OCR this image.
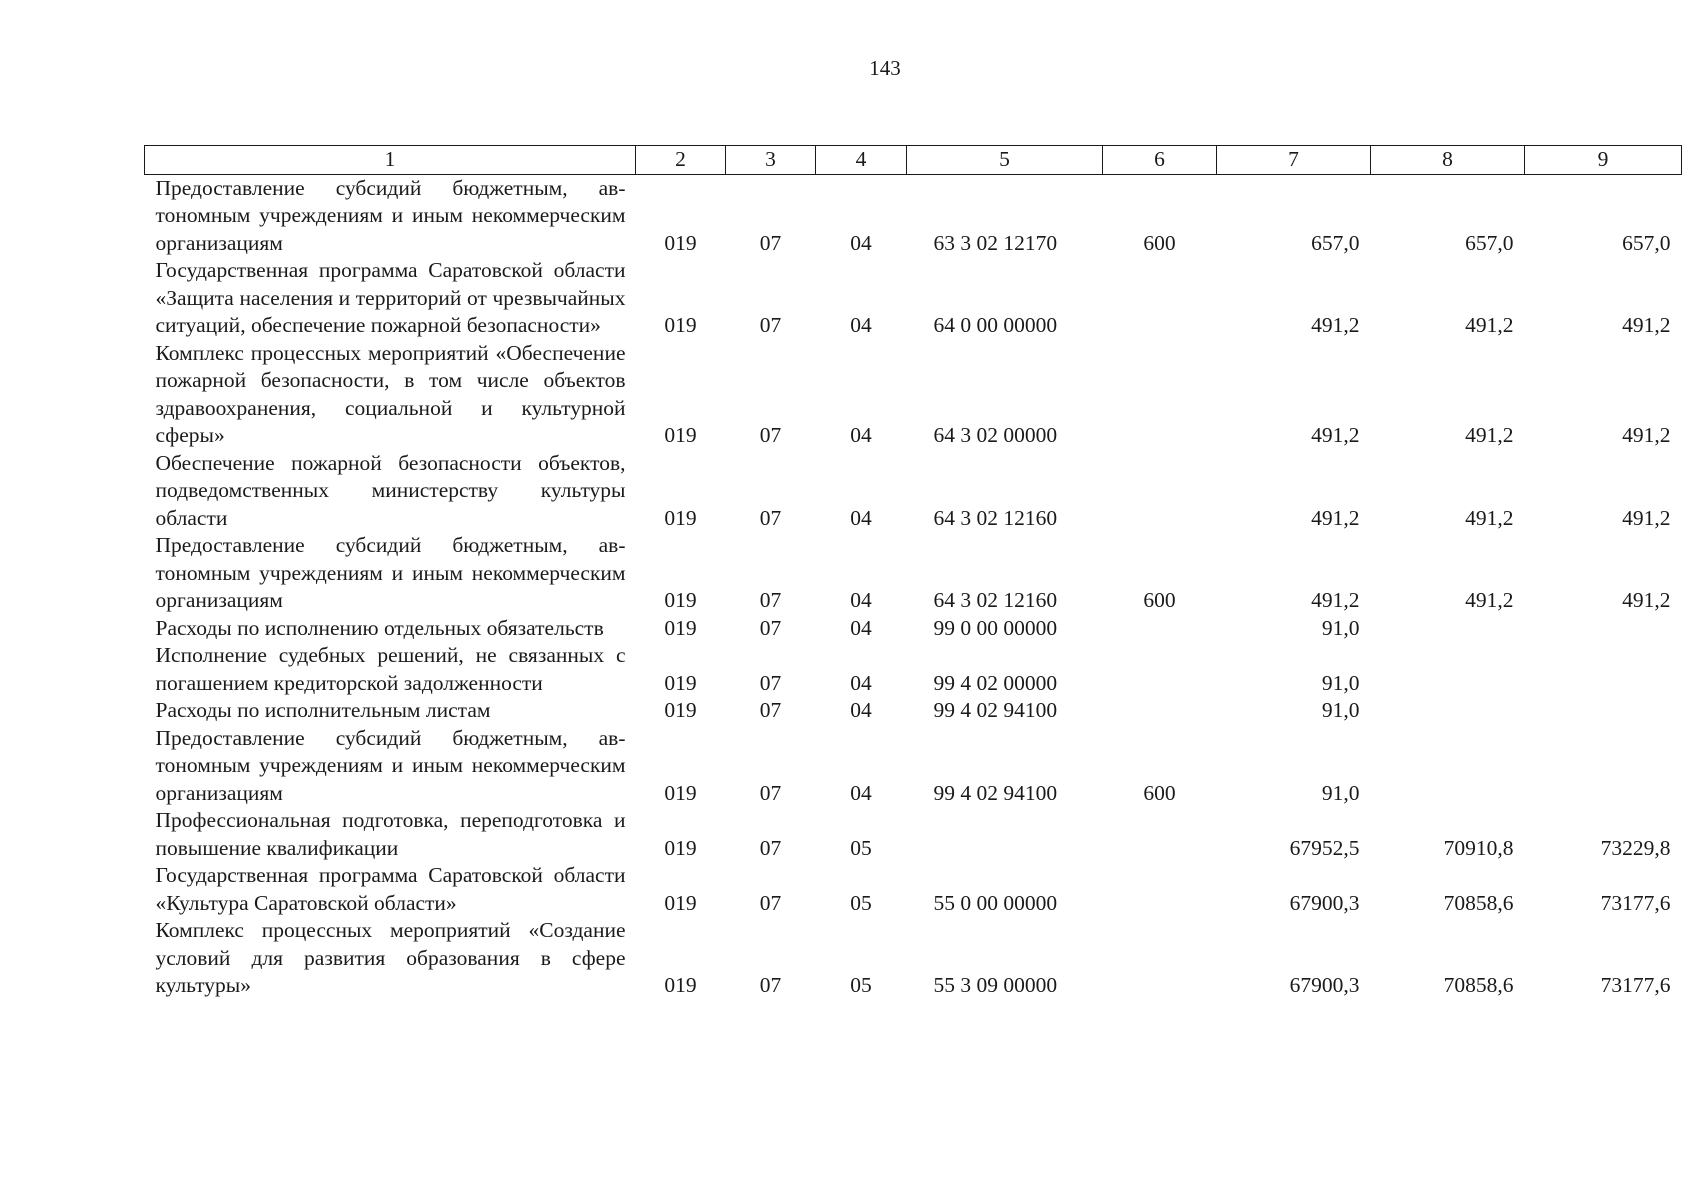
143
1	2	3	4	5	6	7	8	9
Предоставление субсидий бюджетным, автономным учреждениям и иным некоммерческим организациям	019	07	04	63 3 02 12170	600	657,0	657,0	657,0
Государственная программа Саратовской области «Защита населения и территорий от чрезвычайных ситуаций, обеспечение пожарной безопасности»	019	07	04	64 0 00 00000		491,2	491,2	491,2
Комплекс процессных мероприятий «Обеспечение пожарной безопасности, в том числе объектов здравоохранения, социальной и культурной сферы»	019	07	04	64 3 02 00000		491,2	491,2	491,2
Обеспечение пожарной безопасности объектов, подведомственных министерству культуры области	019	07	04	64 3 02 12160		491,2	491,2	491,2
Предоставление субсидий бюджетным, автономным учреждениям и иным некоммерческим организациям	019	07	04	64 3 02 12160	600	491,2	491,2	491,2
Расходы по исполнению отдельных обязательств	019	07	04	99 0 00 00000		91,0		
Исполнение судебных решений, не связанных с погашением кредиторской задолженности	019	07	04	99 4 02 00000		91,0		
Расходы по исполнительным листам	019	07	04	99 4 02 94100		91,0		
Предоставление субсидий бюджетным, автономным учреждениям и иным некоммерческим организациям	019	07	04	99 4 02 94100	600	91,0		
Профессиональная подготовка, переподготовка и повышение квалификации	019	07	05			67952,5	70910,8	73229,8
Государственная программа Саратовской области «Культура Саратовской области»	019	07	05	55 0 00 00000		67900,3	70858,6	73177,6
Комплекс процессных мероприятий «Создание условий для развития образования в сфере культуры»	019	07	05	55 3 09 00000		67900,3	70858,6	73177,6
